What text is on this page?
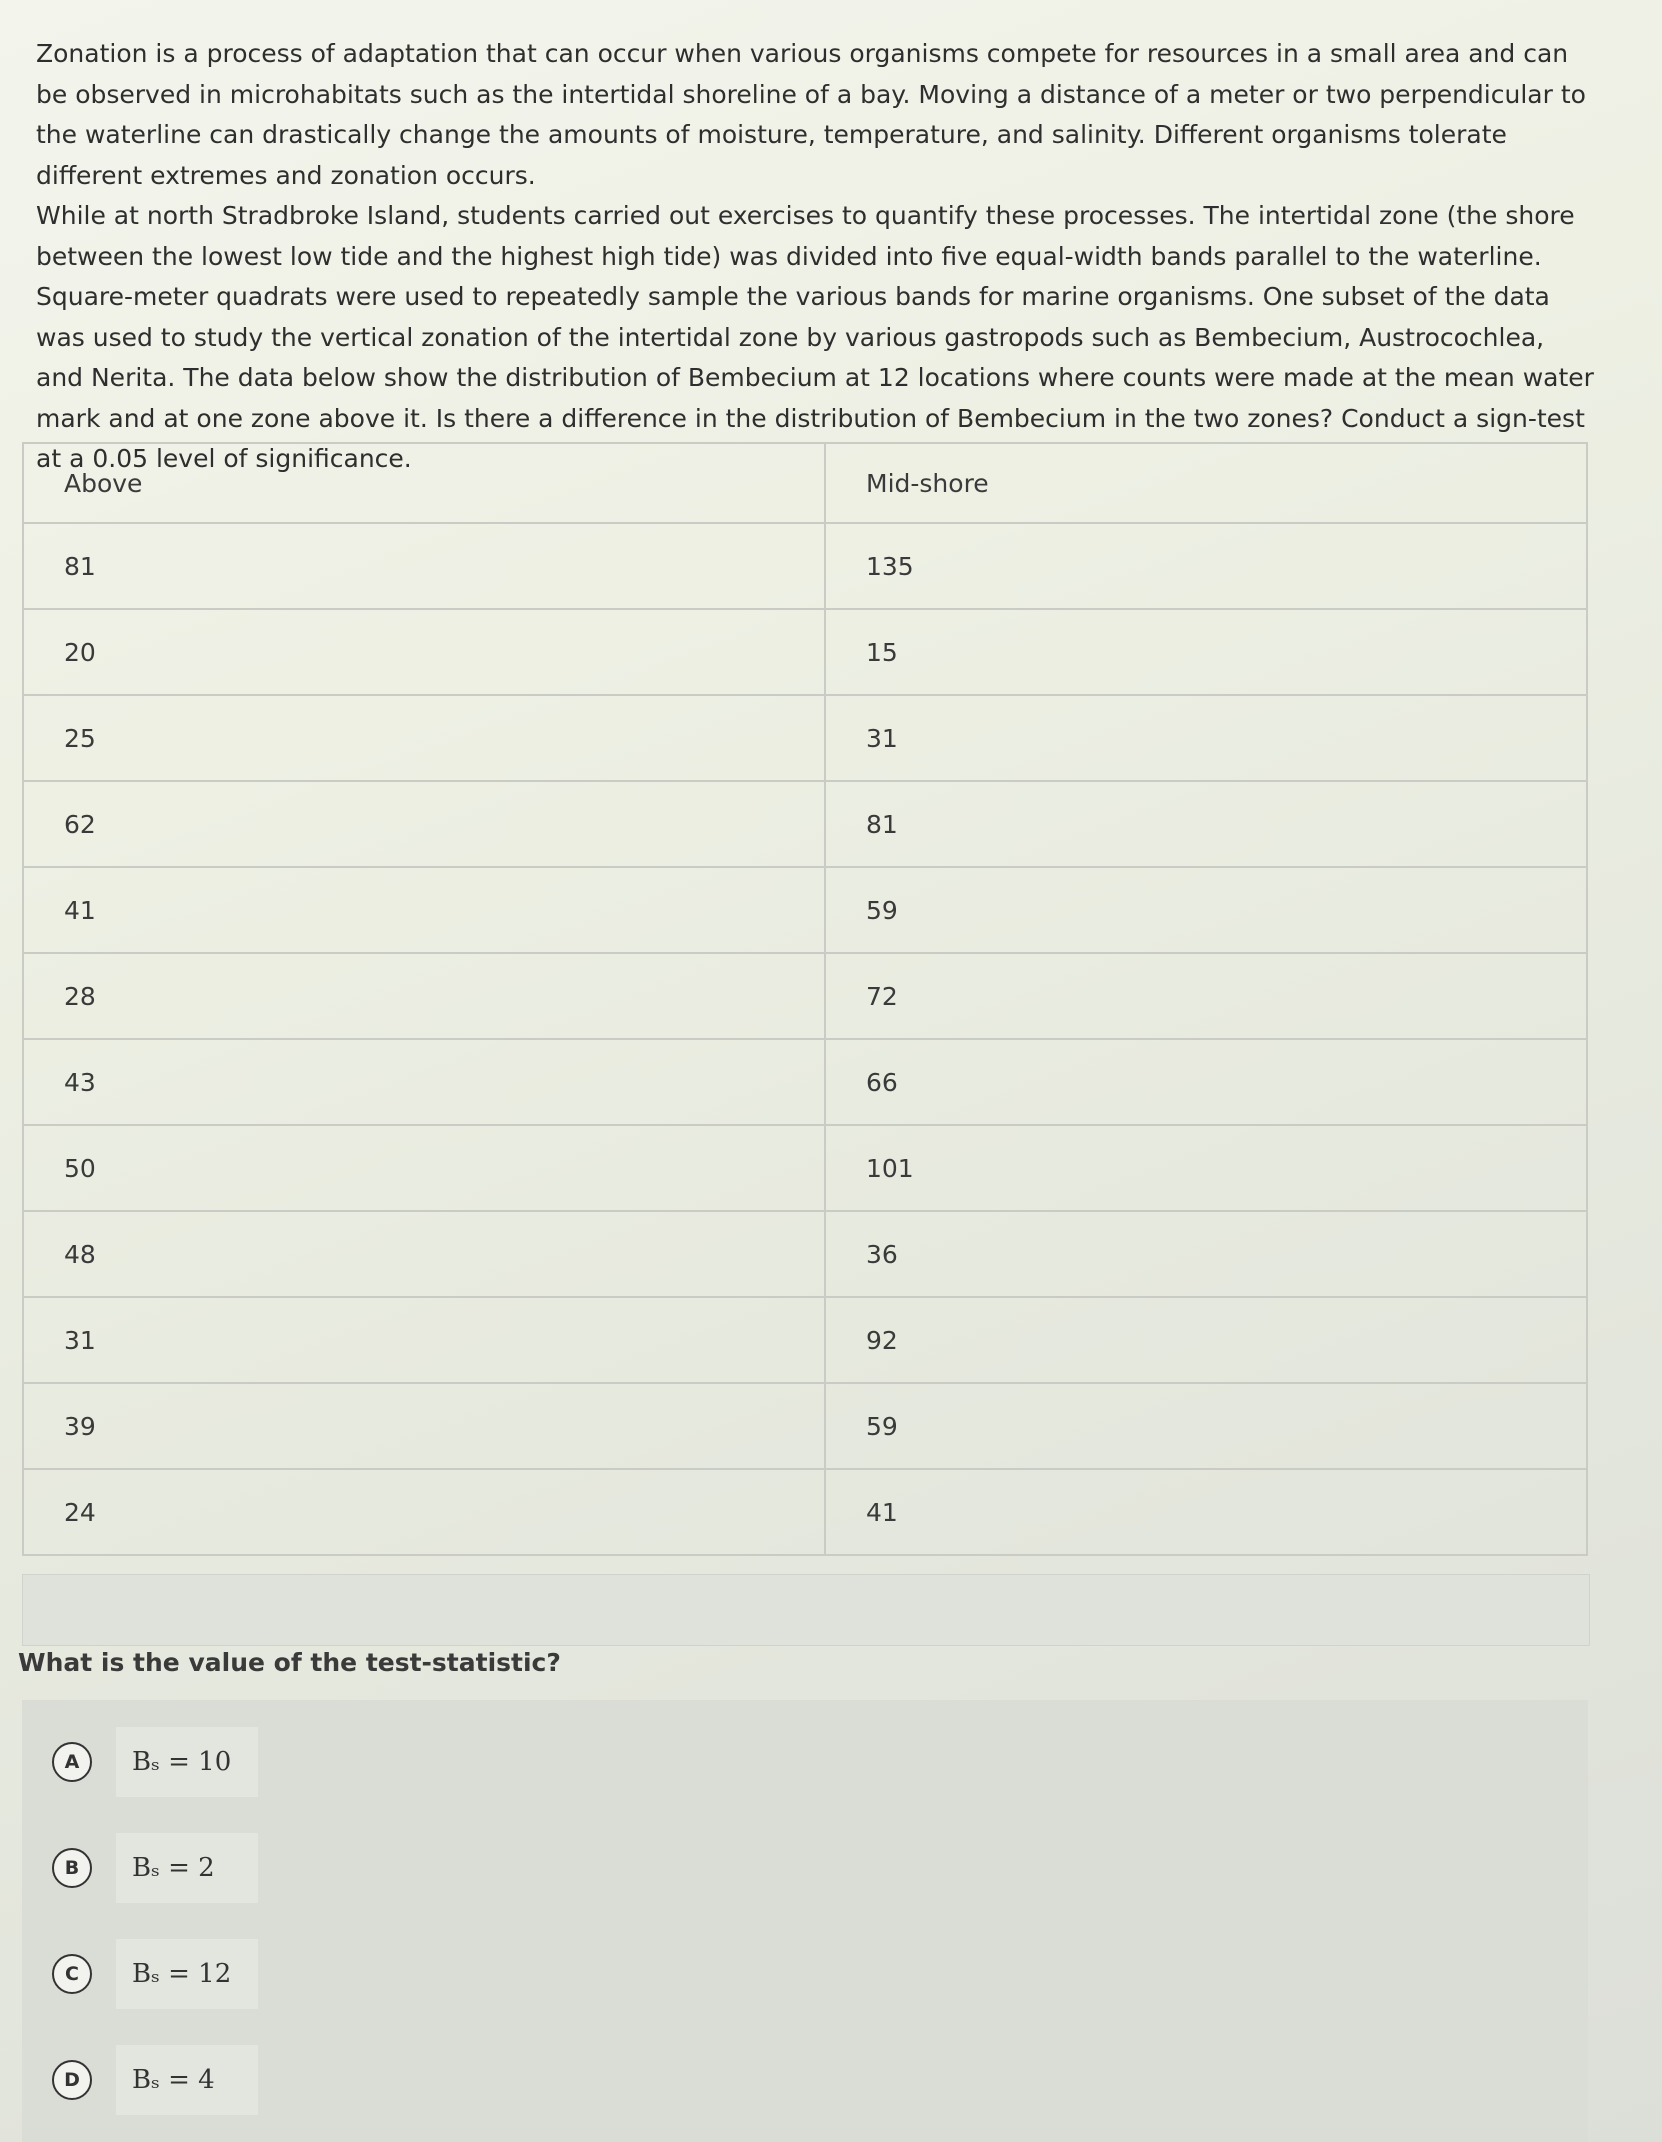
Zonation is a process of adaptation that can occur when various organisms compete for resources in a small area and can be observed in microhabitats such as the intertidal shoreline of a bay. Moving a distance of a meter or two perpendicular to the waterline can drastically change the amounts of moisture, temperature, and salinity. Different organisms tolerate different extremes and zonation occurs.

While at north Stradbroke Island, students carried out exercises to quantify these processes. The intertidal zone (the shore between the lowest low tide and the highest high tide) was divided into five equal-width bands parallel to the waterline. Square-meter quadrats were used to repeatedly sample the various bands for marine organisms. One subset of the data was used to study the vertical zonation of the intertidal zone by various gastropods such as Bembecium, Austrocochlea, and Nerita. The data below show the distribution of Bembecium at 12 locations where counts were made at the mean water mark and at one zone above it. Is there a difference in the distribution of Bembecium in the two zones? Conduct a sign-test at a 0.05 level of significance.

Above	Mid-shore
81	135
20	15
25	31
62	81
41	59
28	72
43	66
50	101
48	36
31	92
39	59
24	41
What is the value of the test-statistic?
A	Bₛ = 10
B	Bₛ = 2
C	Bₛ = 12
D	Bₛ = 4
